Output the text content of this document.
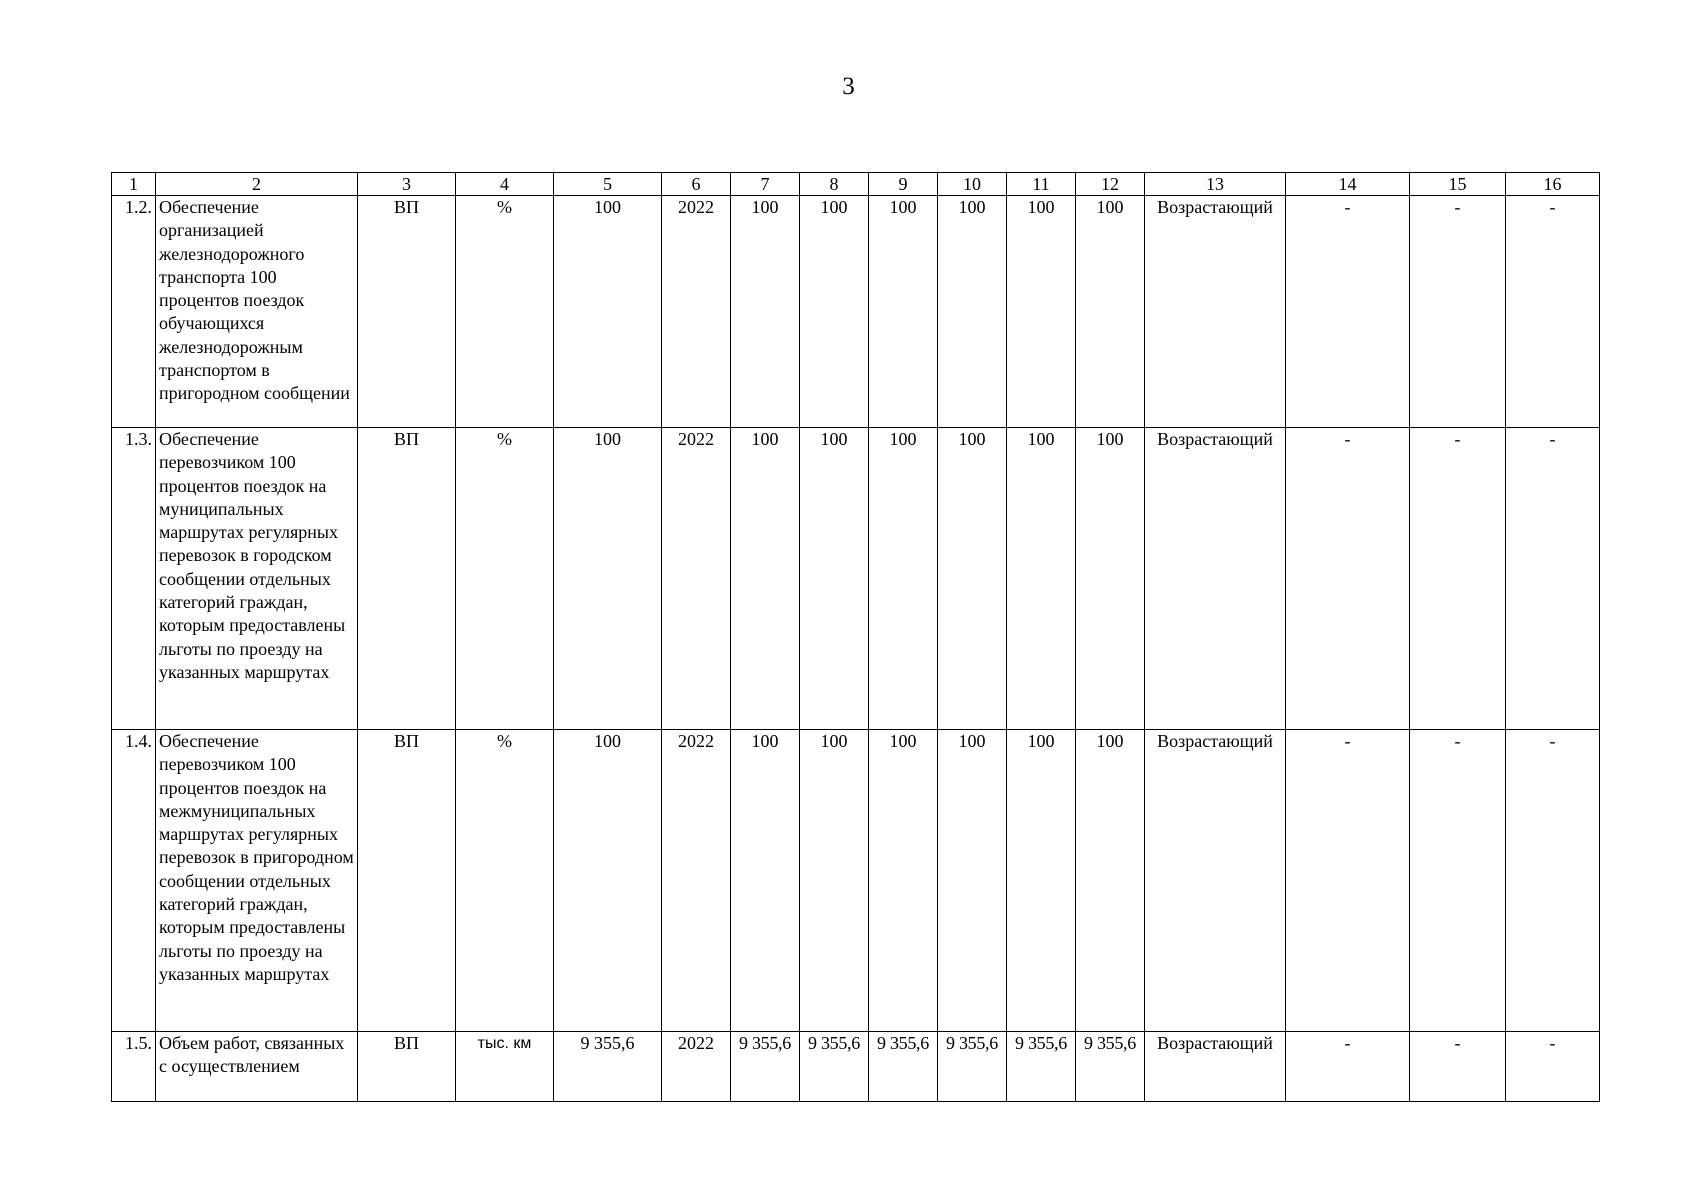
3
1	2	3	4	5	6	7	8	9	10	11	12	13	14	15	16
1.2.	Обеспечение организацией железнодорожного транспорта 100 процентов поездок обучающихся железнодорожным транспортом в пригородном сообщении	ВП	%	100	2022	100	100	100	100	100	100	Возрастающий	-	-	-
1.3.	Обеспечение перевозчиком 100 процентов поездок на муниципальных маршрутах регулярных перевозок в городском сообщении отдельных категорий граждан, которым предоставлены льготы по проезду на указанных маршрутах	ВП	%	100	2022	100	100	100	100	100	100	Возрастающий	-	-	-
1.4.	Обеспечение перевозчиком 100 процентов поездок на межмуниципальных маршрутах регулярных перевозок в пригородном сообщении отдельных категорий граждан, которым предоставлены льготы по проезду на указанных маршрутах	ВП	%	100	2022	100	100	100	100	100	100	Возрастающий	-	-	-
1.5.	Объем работ, связанных с осуществлением	ВП	тыс. км	9 355,6	2022	9 355,6	9 355,6	9 355,6	9 355,6	9 355,6	9 355,6	Возрастающий	-	-	-
